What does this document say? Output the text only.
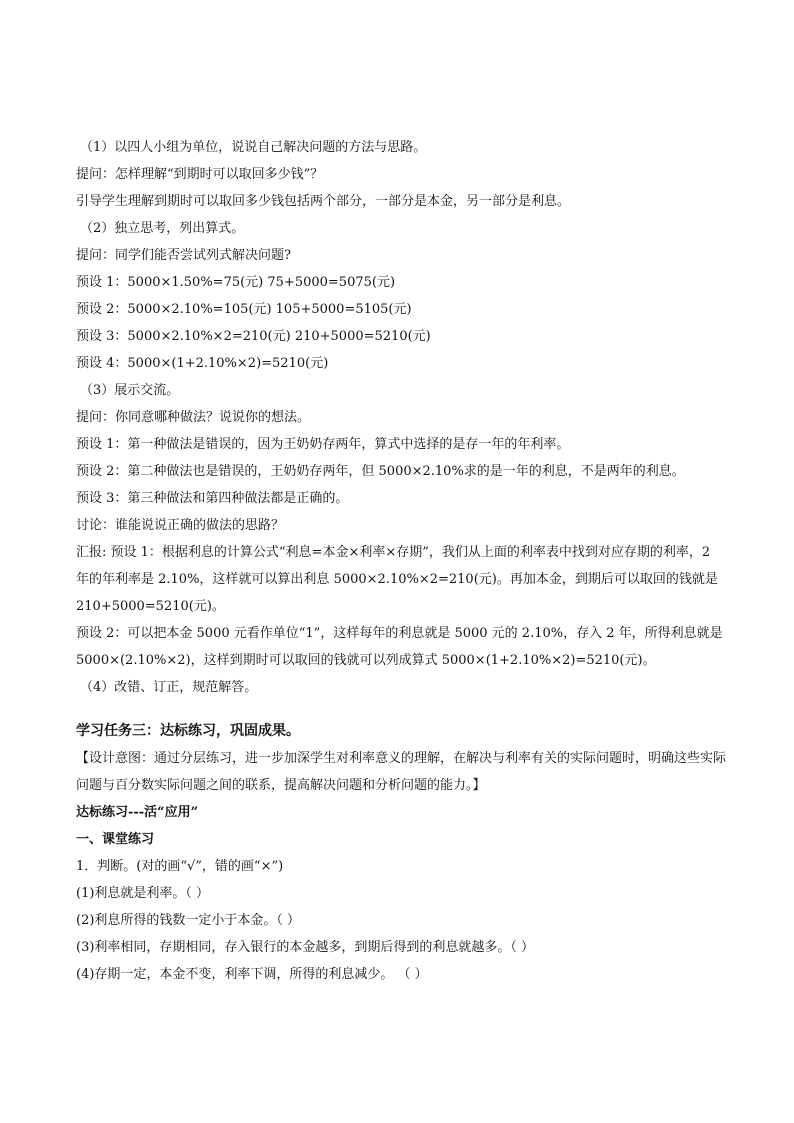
（1）以四人小组为单位，说说自己解决问题的方法与思路。
提问：怎样理解“到期时可以取回多少钱”？
引导学生理解到期时可以取回多少钱包括两个部分，一部分是本金，另一部分是利息。
（2）独立思考，列出算式。
提问：同学们能否尝试列式解决问题?
预设 1：5000×1.50%=75(元) 75+5000=5075(元)
预设 2：5000×2.10%=105(元) 105+5000=5105(元)
预设 3：5000×2.10%×2=210(元) 210+5000=5210(元)
预设 4：5000×(1+2.10%×2)=5210(元)
（3）展示交流。
提问：你同意哪种做法？说说你的想法。
预设 1：第一种做法是错误的，因为王奶奶存两年，算式中选择的是存一年的年利率。
预设 2：第二种做法也是错误的，王奶奶存两年，但 5000×2.10%求的是一年的利息，不是两年的利息。
预设 3：第三种做法和第四种做法都是正确的。
讨论：谁能说说正确的做法的思路？
汇报: 预设 1：根据利息的计算公式“利息=本金×利率×存期”，我们从上面的利率表中找到对应存期的利率，2 年的年利率是 2.10%，这样就可以算出利息 5000×2.10%×2=210(元)。再加本金，到期后可以取回的钱就是 210+5000=5210(元)。
预设 2：可以把本金 5000 元看作单位“1”，这样每年的利息就是 5000 元的 2.10%，存入 2 年，所得利息就是 5000×(2.10%×2)，这样到期时可以取回的钱就可以列成算式 5000×(1+2.10%×2)=5210(元)。
（4）改错、订正，规范解答。
学习任务三：达标练习，巩固成果。
【设计意图：通过分层练习，进一步加深学生对利率意义的理解，在解决与利率有关的实际问题时，明确这些实际问题与百分数实际问题之间的联系，提高解决问题和分析问题的能力。】
达标练习---活“应用”
一、课堂练习
1．判断。(对的画“√”，错的画“×”)
(1)利息就是利率。（ ）
(2)利息所得的钱数一定小于本金。（ ）
(3)利率相同，存期相同，存入银行的本金越多，到期后得到的利息就越多。（ ）
(4)存期一定，本金不变，利率下调，所得的利息减少。 （ ）
